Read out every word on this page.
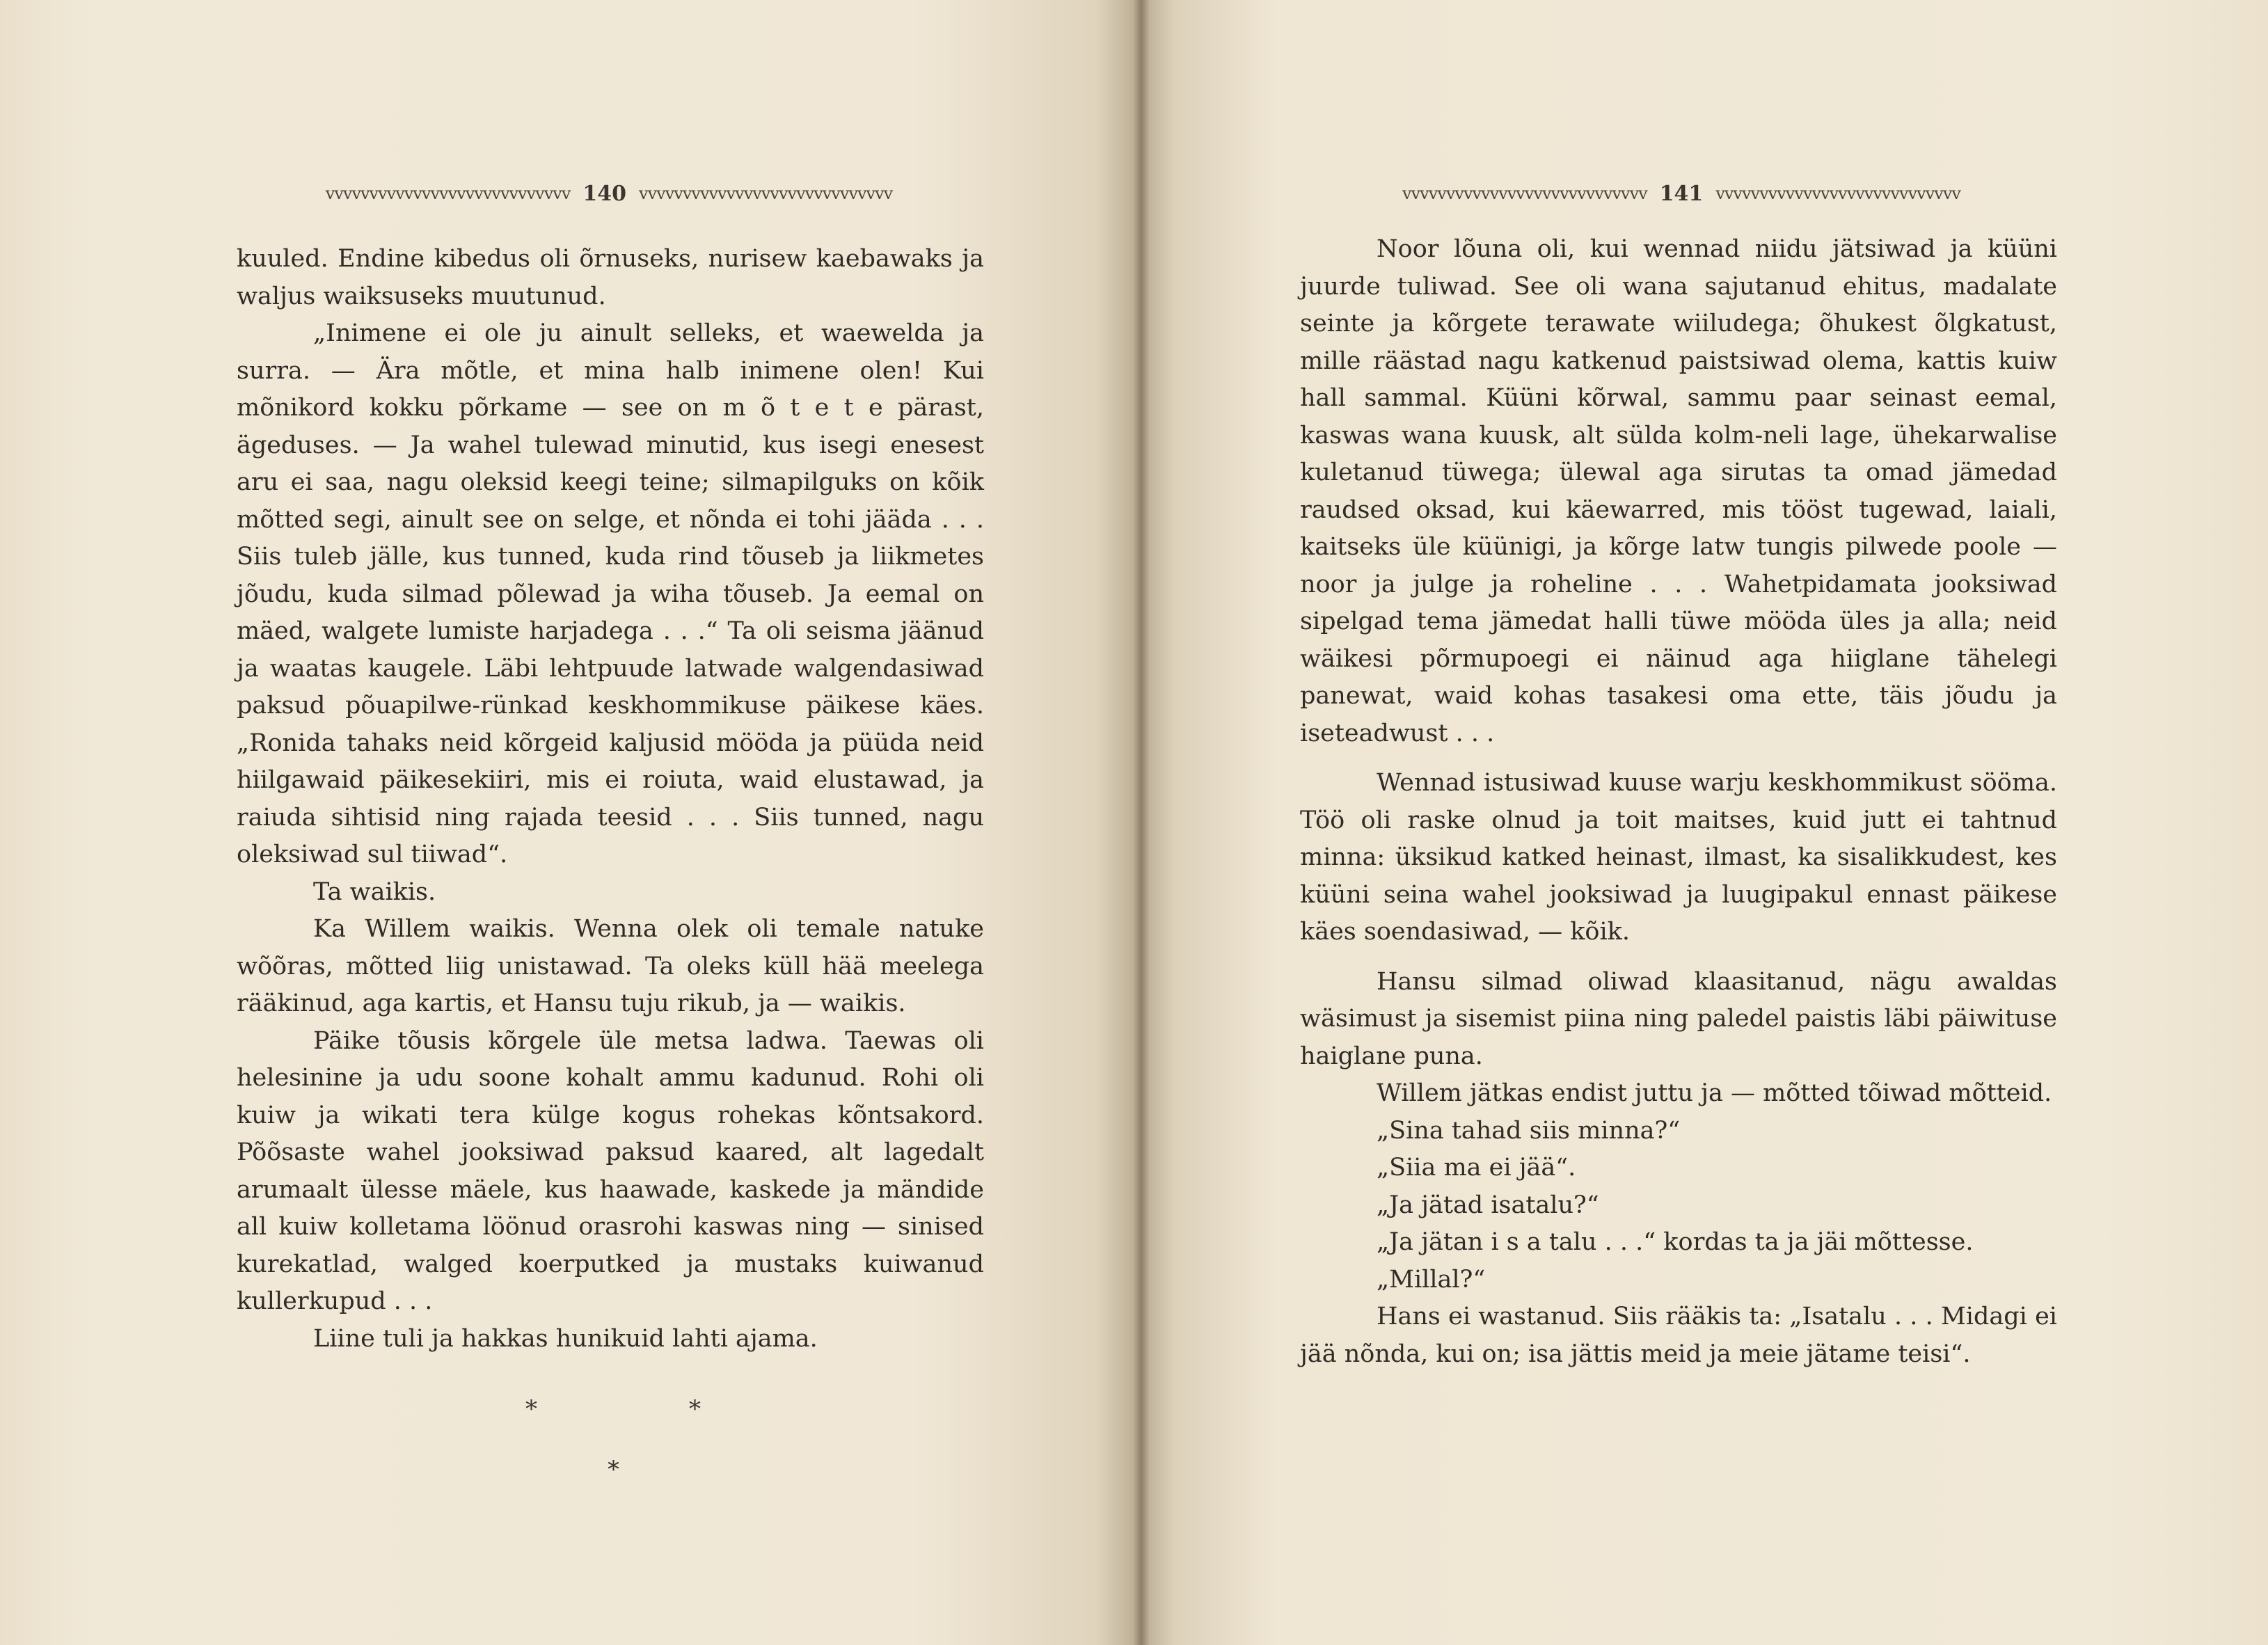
vvvvvvvvvvvvvvvvvvvvvvvvvvvv 140 vvvvvvvvvvvvvvvvvvvvvvvvvvvvv

kuuled. Endine kibedus oli õrnuseks, nurisew kaebawaks ja waljus waiksuseks muutunud.

„Inimene ei ole ju ainult selleks, et waewelda ja surra. — Ära mõtle, et mina halb inimene olen! Kui mõnikord kokku põrkame — see on m õ t e t e pärast, ägeduses. — Ja wahel tulewad minutid, kus isegi enesest aru ei saa, nagu oleksid keegi teine; silmapilguks on kõik mõtted segi, ainult see on selge, et nõnda ei tohi jääda . . . Siis tuleb jälle, kus tunned, kuda rind tõuseb ja liikmetes jõudu, kuda silmad põlewad ja wiha tõuseb. Ja eemal on mäed, walgete lumiste harjadega . . .“ Ta oli seisma jäänud ja waatas kaugele. Läbi lehtpuude latwade walgendasiwad paksud põuapilwe-rünkad keskhommikuse päikese käes. „Ronida tahaks neid kõrgeid kaljusid mööda ja püüda neid hiilgawaid päikesekiiri, mis ei roiuta, waid elustawad, ja raiuda sihtisid ning rajada teesid . . . Siis tunned, nagu oleksiwad sul tiiwad“.

Ta waikis.

Ka Willem waikis. Wenna olek oli temale natuke wõõras, mõtted liig unistawad. Ta oleks küll hää meelega rääkinud, aga kartis, et Hansu tuju rikub, ja — waikis.

Päike tõusis kõrgele üle metsa ladwa. Taewas oli helesinine ja udu soone kohalt ammu kadunud. Rohi oli kuiw ja wikati tera külge kogus rohekas kõntsakord. Põõsaste wahel jooksiwad paksud kaared, alt lagedalt arumaalt ülesse mäele, kus haawade, kaskede ja mändide all kuiw kolletama löönud orasrohi kaswas ning — sinised kurekatlad, walged koerputked ja mustaks kuiwanud kullerkupud . . .

Liine tuli ja hakkas hunikuid lahti ajama.

*	*
*
vvvvvvvvvvvvvvvvvvvvvvvvvvvv 141 vvvvvvvvvvvvvvvvvvvvvvvvvvvv

Noor lõuna oli, kui wennad niidu jätsiwad ja küüni juurde tuliwad. See oli wana sajutanud ehitus, madalate seinte ja kõrgete terawate wiiludega; õhukest õlgkatust, mille räästad nagu katkenud paistsiwad olema, kattis kuiw hall sammal. Küüni kõrwal, sammu paar seinast eemal, kaswas wana kuusk, alt sülda kolm-neli lage, ühekarwalise kuletanud tüwega; ülewal aga sirutas ta omad jämedad raudsed oksad, kui käewarred, mis tööst tugewad, laiali, kaitseks üle küünigi, ja kõrge latw tungis pilwede poole — noor ja julge ja roheline . . . Wahetpidamata jooksiwad sipelgad tema jämedat halli tüwe mööda üles ja alla; neid wäikesi põrmupoegi ei näinud aga hiiglane tähelegi panewat, waid kohas tasakesi oma ette, täis jõudu ja iseteadwust . . .

Wennad istusiwad kuuse warju keskhommikust sööma. Töö oli raske olnud ja toit maitses, kuid jutt ei tahtnud minna: üksikud katked heinast, ilmast, ka sisalikkudest, kes küüni seina wahel jooksiwad ja luugipakul ennast päikese käes soendasiwad, — kõik.

Hansu silmad oliwad klaasitanud, nägu awaldas wäsimust ja sisemist piina ning paledel paistis läbi päiwituse haiglane puna.

Willem jätkas endist juttu ja — mõtted tõiwad mõtteid.

„Sina tahad siis minna?“

„Siia ma ei jää“.

„Ja jätad isatalu?“

„Ja jätan i s a talu . . .“ kordas ta ja jäi mõttesse.

„Millal?“

Hans ei wastanud. Siis rääkis ta: „Isatalu . . . Midagi ei jää nõnda, kui on; isa jättis meid ja meie jätame teisi“.
